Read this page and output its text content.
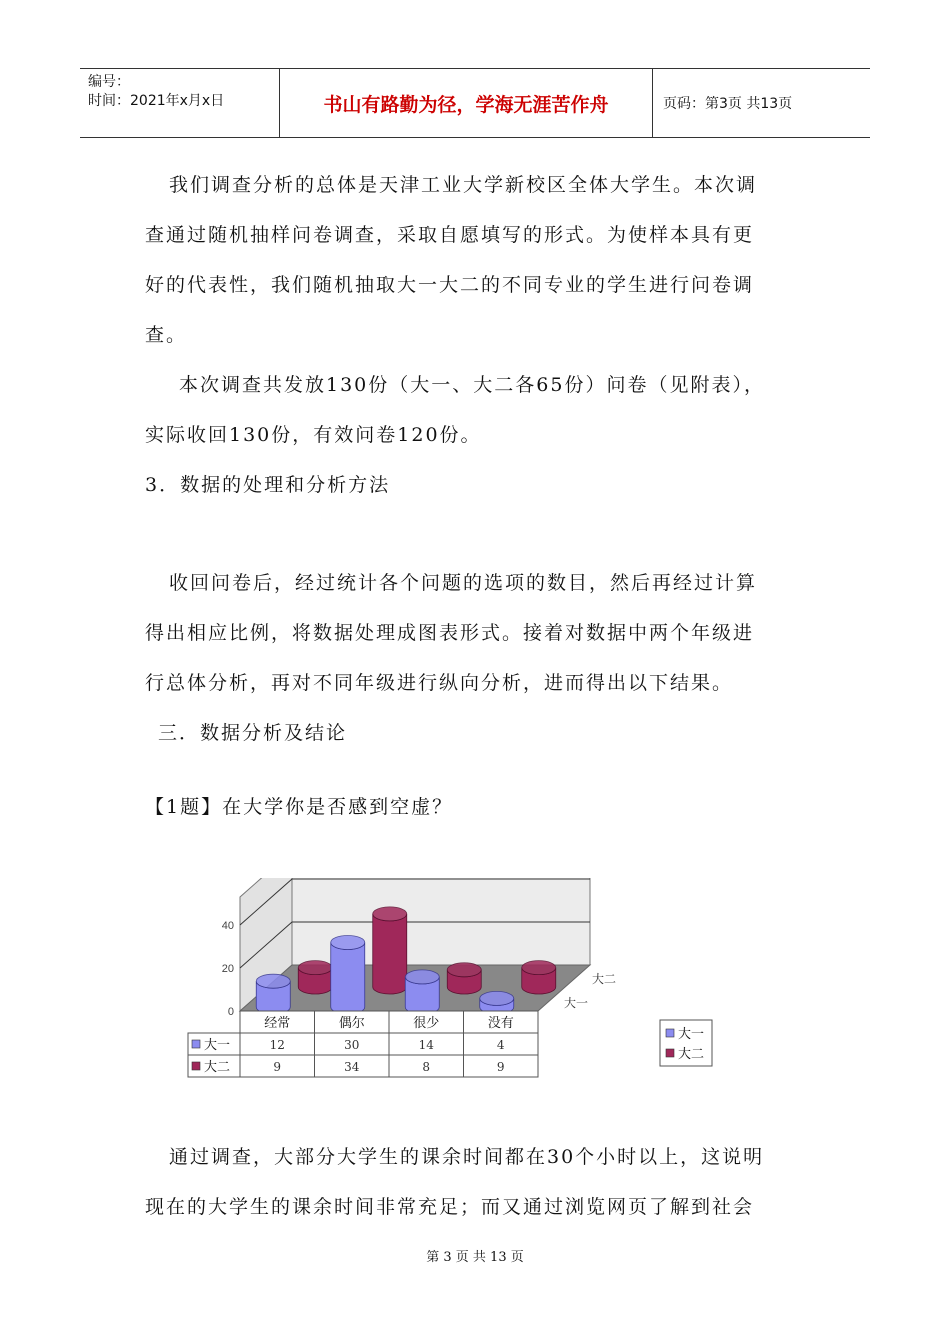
编号：
时间：2021年x月x日	书山有路勤为径，学海无涯苦作舟	页码：第3页 共13页
我们调查分析的总体是天津工业大学新校区全体大学生。本次调
查通过随机抽样问卷调查，采取自愿填写的形式。为使样本具有更
好的代表性，我们随机抽取大一大二的不同专业的学生进行问卷调
查。
本次调查共发放130份（大一、大二各65份）问卷（见附表），
实际收回130份，有效问卷120份。
3．数据的处理和分析方法
收回问卷后，经过统计各个问题的选项的数目，然后再经过计算
得出相应比例，将数据处理成图表形式。接着对数据中两个年级进
行总体分析，再对不同年级进行纵向分析，进而得出以下结果。
三．数据分析及结论
【1题】在大学你是否感到空虚？
0
20
40
大二
大一
经常	偶尔	很少	没有
大一	12	30	14	4
大二	9	34	8	9
大一
大二
通过调查，大部分大学生的课余时间都在30个小时以上，这说明
现在的大学生的课余时间非常充足；而又通过浏览网页了解到社会
第 3 页 共 13 页
